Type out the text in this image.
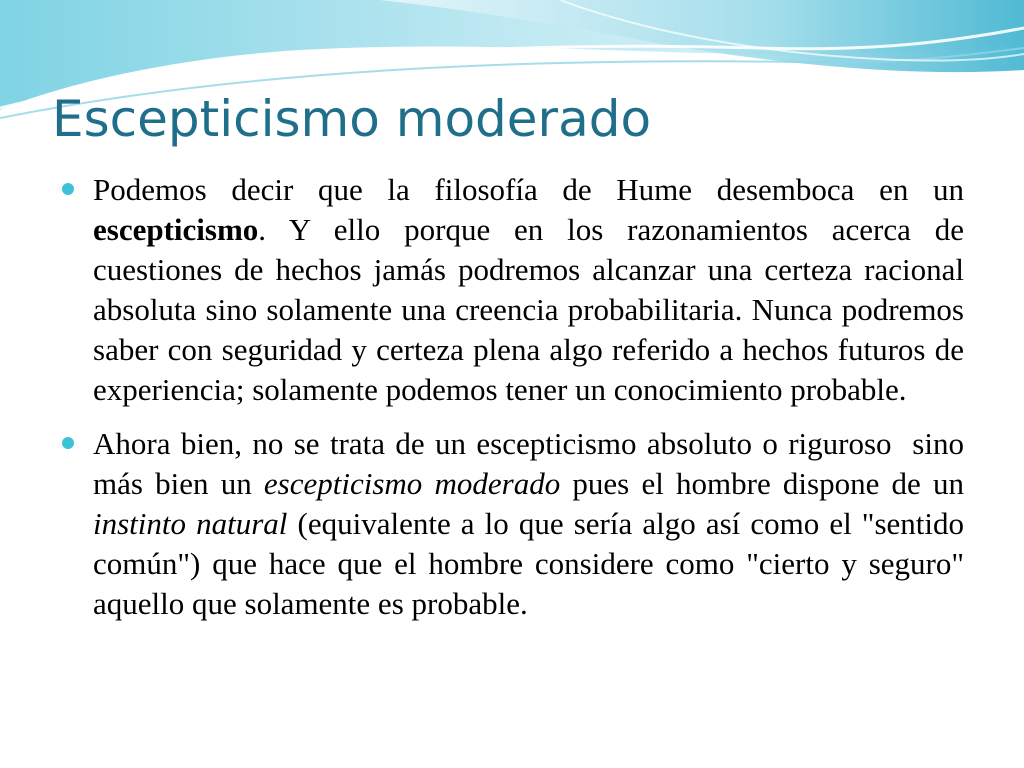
Escepticismo moderado

Podemos decir que la filosofía de Hume desemboca en un escepticismo. Y ello porque en los razonamientos acerca de cuestiones de hechos jamás podremos alcanzar una certeza racional absoluta sino solamente una creencia probabilitaria. Nunca podremos saber con seguridad y certeza plena algo referido a hechos futuros de experiencia; solamente podemos tener un conocimiento probable.

Ahora bien, no se trata de un escepticismo absoluto o riguroso  sino más bien un escepticismo moderado pues el hombre dispone de un instinto natural (equivalente a lo que sería algo así como el "sentido común") que hace que el hombre considere como "cierto y seguro" aquello que solamente es probable.
